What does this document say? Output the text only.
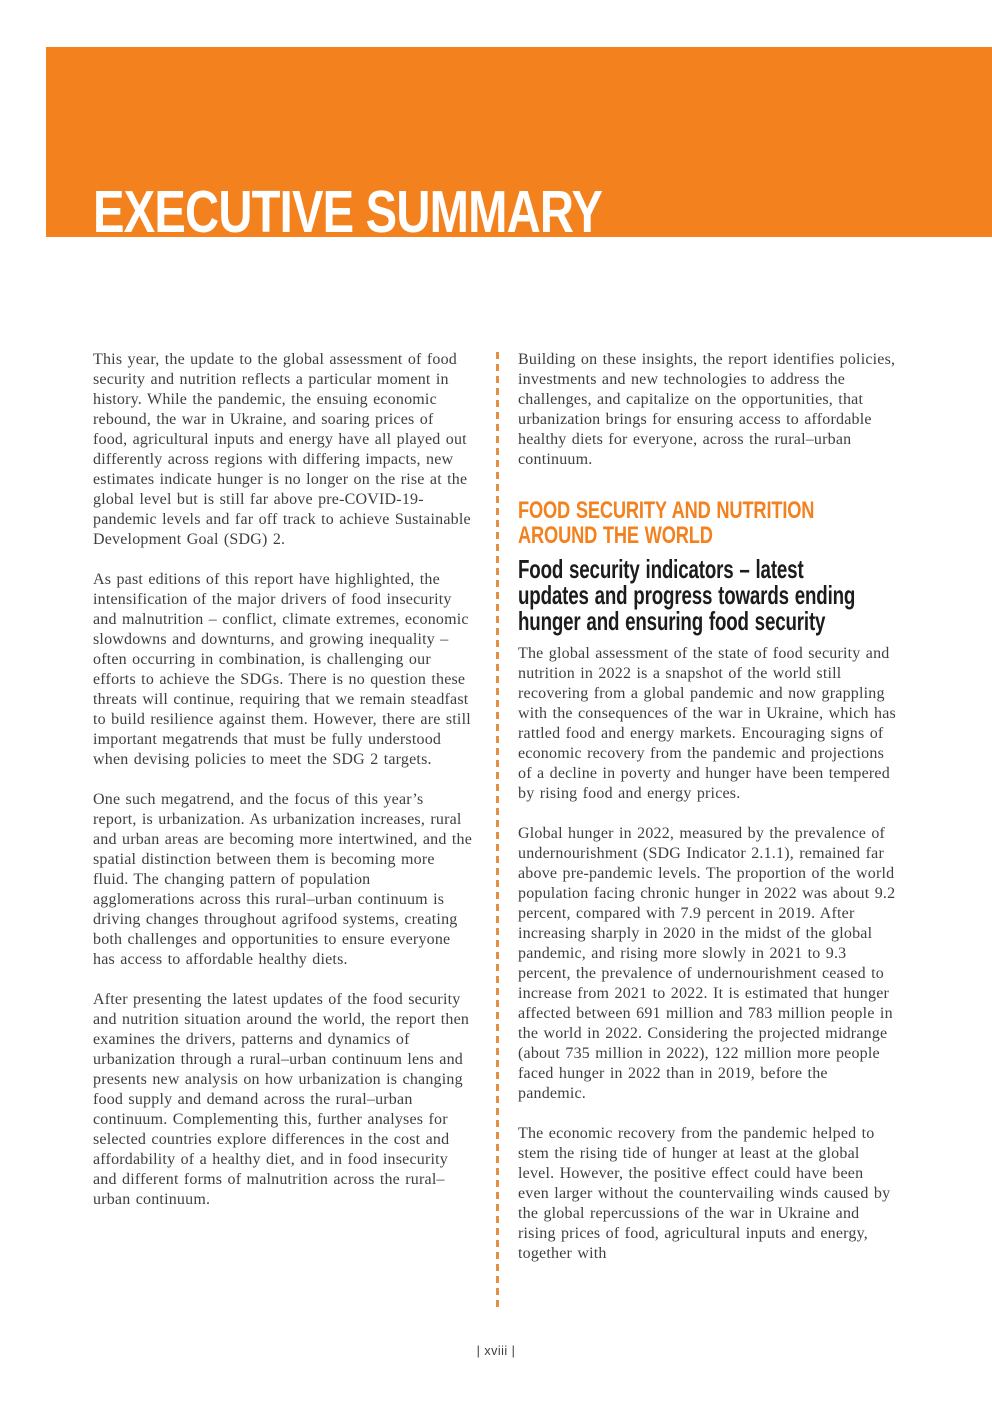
EXECUTIVE SUMMARY

This year, the update to the global assessment of food security and nutrition reflects a particular moment in history. While the pandemic, the ensuing economic rebound, the war in Ukraine, and soaring prices of food, agricultural inputs and energy have all played out differently across regions with differing impacts, new estimates indicate hunger is no longer on the rise at the global level but is still far above pre-COVID-19-pandemic levels and far off track to achieve Sustainable Development Goal (SDG) 2.

As past editions of this report have highlighted, the intensification of the major drivers of food insecurity and malnutrition – conflict, climate extremes, economic slowdowns and downturns, and growing inequality – often occurring in combination, is challenging our efforts to achieve the SDGs. There is no question these threats will continue, requiring that we remain steadfast to build resilience against them. However, there are still important megatrends that must be fully understood when devising policies to meet the SDG 2 targets.

One such megatrend, and the focus of this year’s report, is urbanization. As urbanization increases, rural and urban areas are becoming more intertwined, and the spatial distinction between them is becoming more fluid. The changing pattern of population agglomerations across this rural–urban continuum is driving changes throughout agrifood systems, creating both challenges and opportunities to ensure everyone has access to affordable healthy diets.

After presenting the latest updates of the food security and nutrition situation around the world, the report then examines the drivers, patterns and dynamics of urbanization through a rural–urban continuum lens and presents new analysis on how urbanization is changing food supply and demand across the rural–urban continuum. Complementing this, further analyses for selected countries explore differences in the cost and affordability of a healthy diet, and in food insecurity and different forms of malnutrition across the rural–urban continuum.

Building on these insights, the report identifies policies, investments and new technologies to address the challenges, and capitalize on the opportunities, that urbanization brings for ensuring access to affordable healthy diets for everyone, across the rural–urban continuum.

FOOD SECURITY AND NUTRITION
AROUND THE WORLD
Food security indicators – latest
updates and progress towards ending
hunger and ensuring food security

The global assessment of the state of food security and nutrition in 2022 is a snapshot of the world still recovering from a global pandemic and now grappling with the consequences of the war in Ukraine, which has rattled food and energy markets. Encouraging signs of economic recovery from the pandemic and projections of a decline in poverty and hunger have been tempered by rising food and energy prices.

Global hunger in 2022, measured by the prevalence of undernourishment (SDG Indicator 2.1.1), remained far above pre-pandemic levels. The proportion of the world population facing chronic hunger in 2022 was about 9.2 percent, compared with 7.9 percent in 2019. After increasing sharply in 2020 in the midst of the global pandemic, and rising more slowly in 2021 to 9.3 percent, the prevalence of undernourishment ceased to increase from 2021 to 2022. It is estimated that hunger affected between 691 million and 783 million people in the world in 2022. Considering the projected midrange (about 735 million in 2022), 122 million more people faced hunger in 2022 than in 2019, before the pandemic.

The economic recovery from the pandemic helped to stem the rising tide of hunger at least at the global level. However, the positive effect could have been even larger without the countervailing winds caused by the global repercussions of the war in Ukraine and rising prices of food, agricultural inputs and energy, together with

| xviii |
